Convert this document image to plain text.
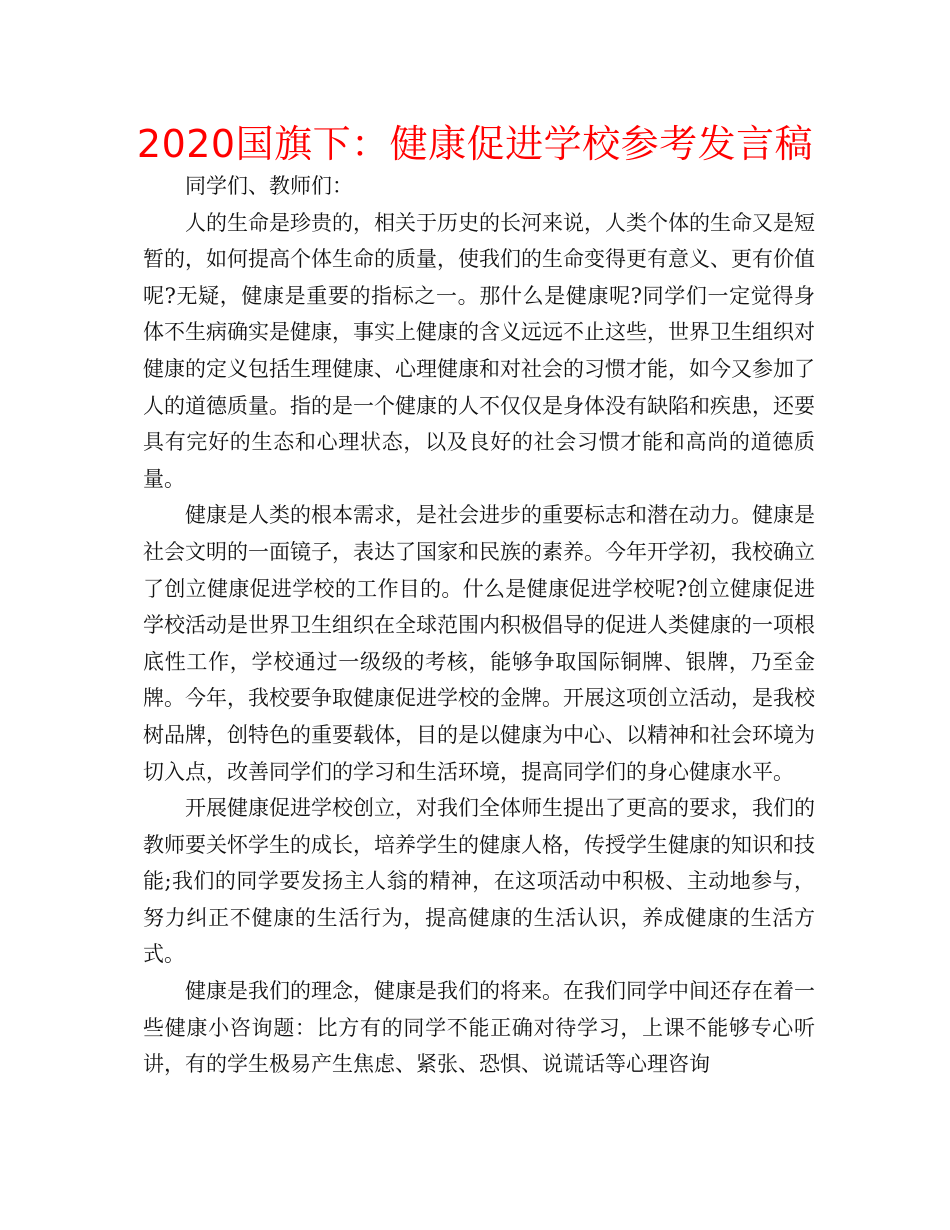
2020国旗下：健康促进学校参考发言稿

同学们、教师们：

人的生命是珍贵的，相关于历史的长河来说，人类个体的生命又是短暂的，如何提高个体生命的质量，使我们的生命变得更有意义、更有价值呢?无疑，健康是重要的指标之一。那什么是健康呢?同学们一定觉得身体不生病确实是健康，事实上健康的含义远远不止这些，世界卫生组织对健康的定义包括生理健康、心理健康和对社会的习惯才能，如今又参加了人的道德质量。指的是一个健康的人不仅仅是身体没有缺陷和疾患，还要具有完好的生态和心理状态，以及良好的社会习惯才能和高尚的道德质量。

健康是人类的根本需求，是社会进步的重要标志和潜在动力。健康是社会文明的一面镜子，表达了国家和民族的素养。今年开学初，我校确立了创立健康促进学校的工作目的。什么是健康促进学校呢?创立健康促进学校活动是世界卫生组织在全球范围内积极倡导的促进人类健康的一项根底性工作，学校通过一级级的考核，能够争取国际铜牌、银牌，乃至金牌。今年，我校要争取健康促进学校的金牌。开展这项创立活动，是我校树品牌，创特色的重要载体，目的是以健康为中心、以精神和社会环境为切入点，改善同学们的学习和生活环境，提高同学们的身心健康水平。

开展健康促进学校创立，对我们全体师生提出了更高的要求，我们的教师要关怀学生的成长，培养学生的健康人格，传授学生健康的知识和技能;我们的同学要发扬主人翁的精神，在这项活动中积极、主动地参与，努力纠正不健康的生活行为，提高健康的生活认识，养成健康的生活方式。

健康是我们的理念，健康是我们的将来。在我们同学中间还存在着一些健康小咨询题：比方有的同学不能正确对待学习，上课不能够专心听讲，有的学生极易产生焦虑、紧张、恐惧、说谎话等心理咨询
